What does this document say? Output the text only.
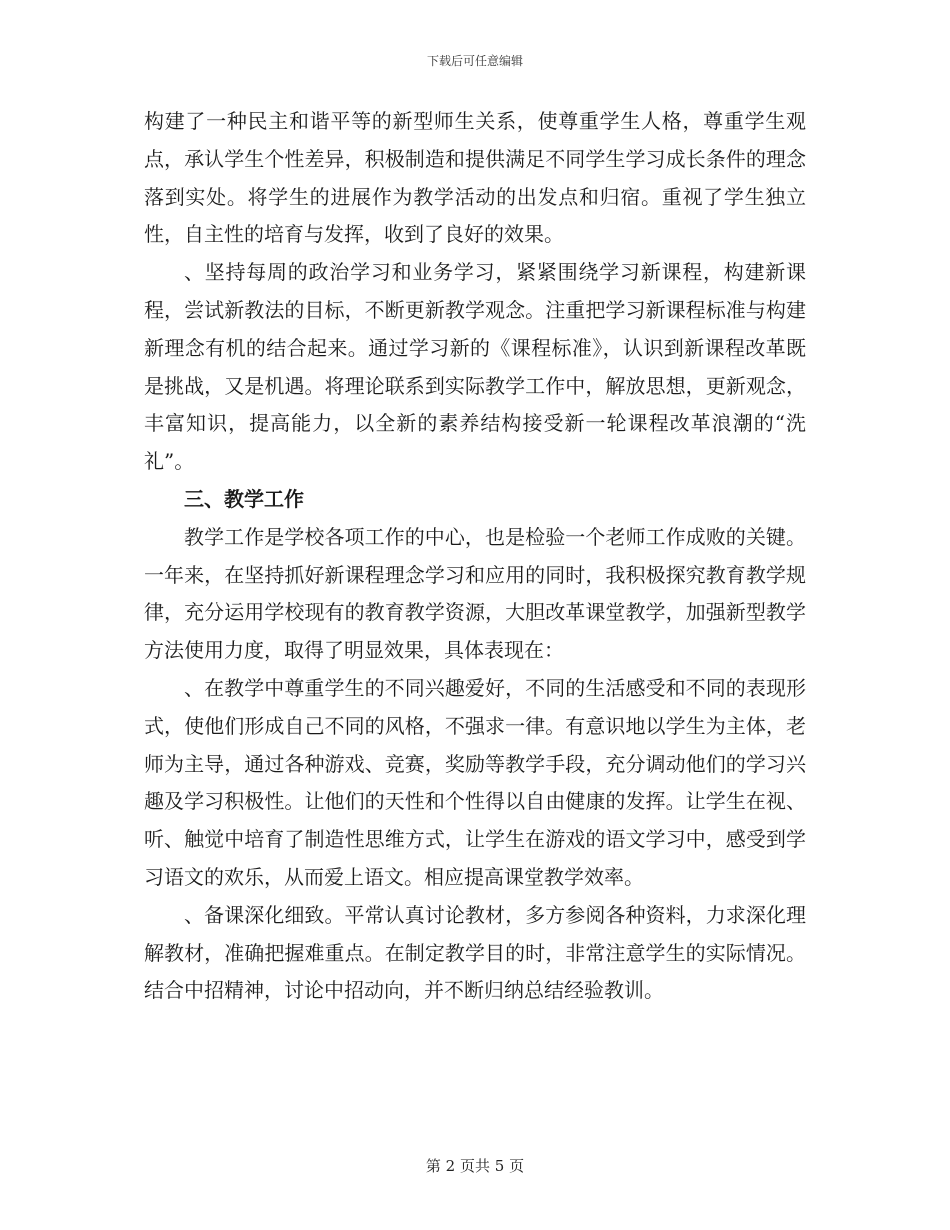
下载后可任意编辑

构建了一种民主和谐平等的新型师生关系，使尊重学生人格，尊重学生观点，承认学生个性差异，积极制造和提供满足不同学生学习成长条件的理念落到实处。将学生的进展作为教学活动的出发点和归宿。重视了学生独立性，自主性的培育与发挥，收到了良好的效果。

、坚持每周的政治学习和业务学习，紧紧围绕学习新课程，构建新课程，尝试新教法的目标，不断更新教学观念。注重把学习新课程标准与构建新理念有机的结合起来。通过学习新的《课程标准》，认识到新课程改革既是挑战，又是机遇。将理论联系到实际教学工作中，解放思想，更新观念，丰富知识，提高能力，以全新的素养结构接受新一轮课程改革浪潮的“洗礼”。

三、教学工作

教学工作是学校各项工作的中心，也是检验一个老师工作成败的关键。一年来，在坚持抓好新课程理念学习和应用的同时，我积极探究教育教学规律，充分运用学校现有的教育教学资源，大胆改革课堂教学，加强新型教学方法使用力度，取得了明显效果，具体表现在：

、在教学中尊重学生的不同兴趣爱好，不同的生活感受和不同的表现形式，使他们形成自己不同的风格，不强求一律。有意识地以学生为主体，老师为主导，通过各种游戏、竞赛，奖励等教学手段，充分调动他们的学习兴趣及学习积极性。让他们的天性和个性得以自由健康的发挥。让学生在视、听、触觉中培育了制造性思维方式，让学生在游戏的语文学习中，感受到学习语文的欢乐，从而爱上语文。相应提高课堂教学效率。

、备课深化细致。平常认真讨论教材，多方参阅各种资料，力求深化理解教材，准确把握难重点。在制定教学目的时，非常注意学生的实际情况。结合中招精神，讨论中招动向，并不断归纳总结经验教训。

第 2 页共 5 页
